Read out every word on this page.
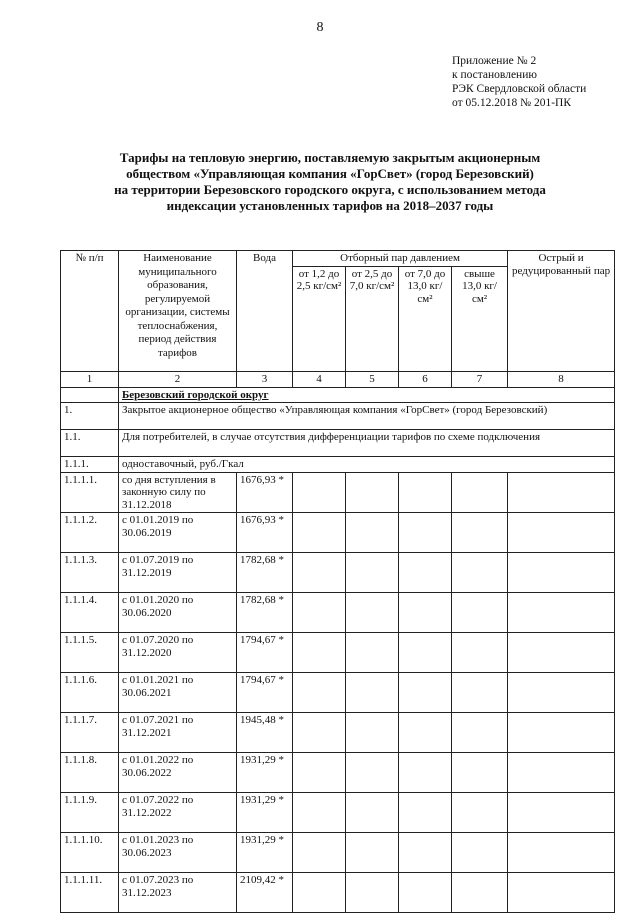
8
Приложение № 2
к постановлению
РЭК Свердловской области
от 05.12.2018 № 201-ПК
Тарифы на тепловую энергию, поставляемую закрытым акционерным
обществом «Управляющая компания «ГорСвет» (город Березовский)
на территории Березовского городского округа, с использованием метода
индексации установленных тарифов на 2018–2037 годы
№ п/п	Наименование муниципального образования, регулируемой организации, системы теплоснабжения, период действия тарифов	Вода	Отборный пар давлением				Острый и редуцированный пар
			от 1,2 до 2,5 кг/см²	от 2,5 до 7,0 кг/см²	от 7,0 до 13,0 кг/см²	свыше 13,0 кг/см²	
1	2	3	4	5	6	7	8
	Березовский городской округ						
1.	Закрытое акционерное общество «Управляющая компания «ГорСвет» (город Березовский)						
1.1.	Для потребителей, в случае отсутствия дифференциации тарифов по схеме подключения						
1.1.1.	одноставочный, руб./Гкал						
1.1.1.1.	со дня вступления в законную силу по 31.12.2018	1676,93 *					
1.1.1.2.	с 01.01.2019 по 30.06.2019	1676,93 *					
1.1.1.3.	с 01.07.2019 по 31.12.2019	1782,68 *					
1.1.1.4.	с 01.01.2020 по 30.06.2020	1782,68 *					
1.1.1.5.	с 01.07.2020 по 31.12.2020	1794,67 *					
1.1.1.6.	с 01.01.2021 по 30.06.2021	1794,67 *					
1.1.1.7.	с 01.07.2021 по 31.12.2021	1945,48 *					
1.1.1.8.	с 01.01.2022 по 30.06.2022	1931,29 *					
1.1.1.9.	с 01.07.2022 по 31.12.2022	1931,29 *					
1.1.1.10.	с 01.01.2023 по 30.06.2023	1931,29 *					
1.1.1.11.	с 01.07.2023 по 31.12.2023	2109,42 *					
